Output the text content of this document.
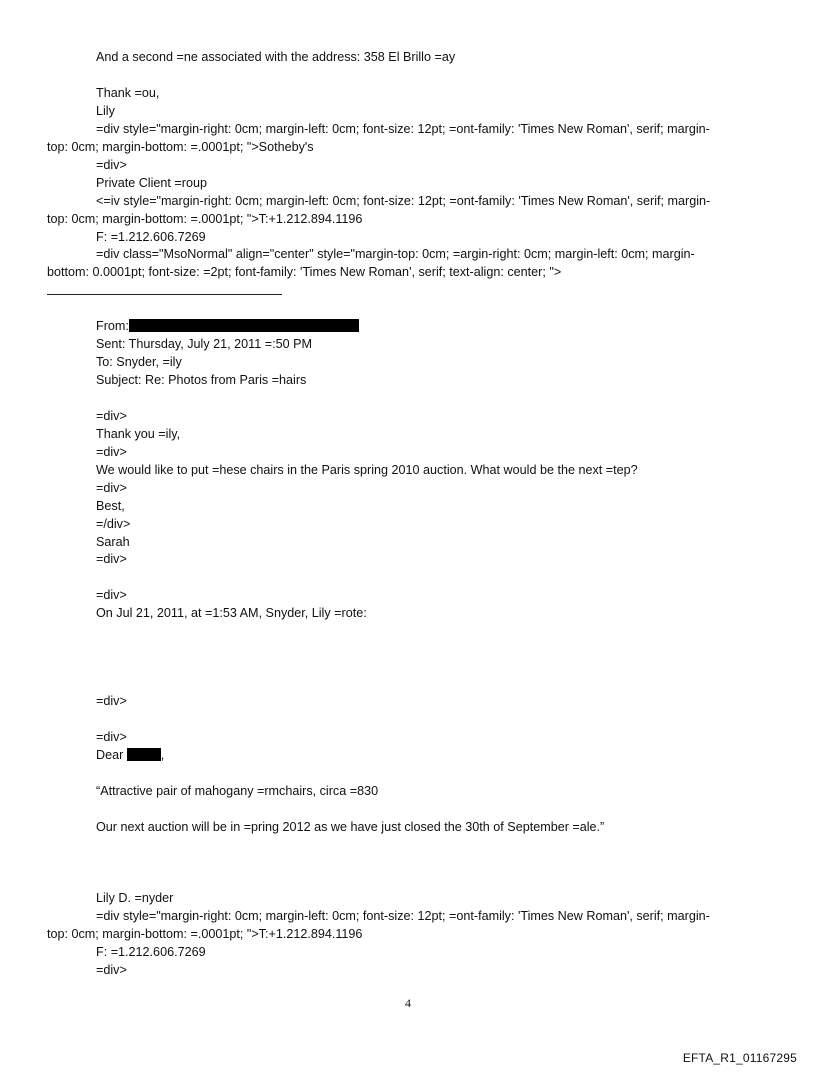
And a second =ne associated with the address: 358 El Brillo =ay
Thank =ou,
Lily
=div style="margin-right: 0cm; margin-left: 0cm; font-size: 12pt; =ont-family: 'Times New Roman', serif; margin-
top: 0cm; margin-bottom: =.0001pt; ">Sotheby's
=div>
Private Client =roup
<=iv style="margin-right: 0cm; margin-left: 0cm; font-size: 12pt; =ont-family: 'Times New Roman', serif; margin-
top: 0cm; margin-bottom: =.0001pt; ">T:+1.212.894.1196
F: =1.212.606.7269
=div class="MsoNormal" align="center" style="margin-top: 0cm; =argin-right: 0cm; margin-left: 0cm; margin-
bottom: 0.0001pt; font-size: =2pt; font-family: 'Times New Roman', serif; text-align: center; ">
From:
Sent: Thursday, July 21, 2011 =:50 PM
To: Snyder, =ily
Subject: Re: Photos from Paris =hairs
=div>
Thank you =ily,
=div>
We would like to put =hese chairs in the Paris spring 2010 auction. What would be the next =tep?
=div>
Best,
=/div>
Sarah
=div>
=div>
On Jul 21, 2011, at =1:53 AM, Snyder, Lily =rote:
=div>
=div>
Dear	,
“Attractive pair of mahogany =rmchairs, circa =830
Our next auction will be in =pring 2012 as we have just closed the 30th of September =ale.”
Lily D. =nyder
=div style="margin-right: 0cm; margin-left: 0cm; font-size: 12pt; =ont-family: 'Times New Roman', serif; margin-
top: 0cm; margin-bottom: =.0001pt; ">T:+1.212.894.1196
F: =1.212.606.7269
=div>
4
EFTA_R1_01167295
